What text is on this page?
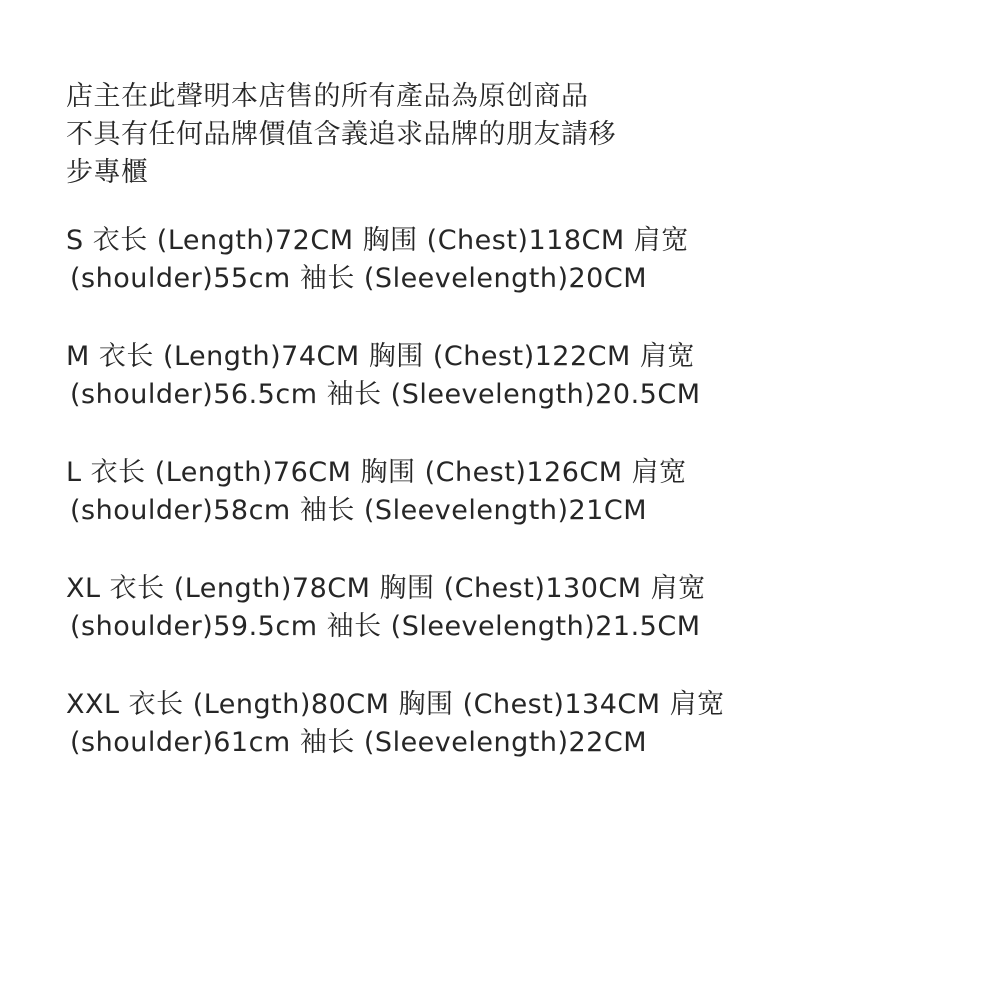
店主在此聲明本店售的所有產品為原创商品
不具有任何品牌價值含義追求品牌的朋友請移
步專櫃
S 衣长 (Length)72CM 胸围 (Chest)118CM 肩宽
(shoulder)55cm 袖长 (Sleevelength)20CM
M 衣长 (Length)74CM 胸围 (Chest)122CM 肩宽
(shoulder)56.5cm 袖长 (Sleevelength)20.5CM
L 衣长 (Length)76CM 胸围 (Chest)126CM 肩宽
(shoulder)58cm 袖长 (Sleevelength)21CM
XL 衣长 (Length)78CM 胸围 (Chest)130CM 肩宽
(shoulder)59.5cm 袖长 (Sleevelength)21.5CM
XXL 衣长 (Length)80CM 胸围 (Chest)134CM 肩宽
(shoulder)61cm 袖长 (Sleevelength)22CM
